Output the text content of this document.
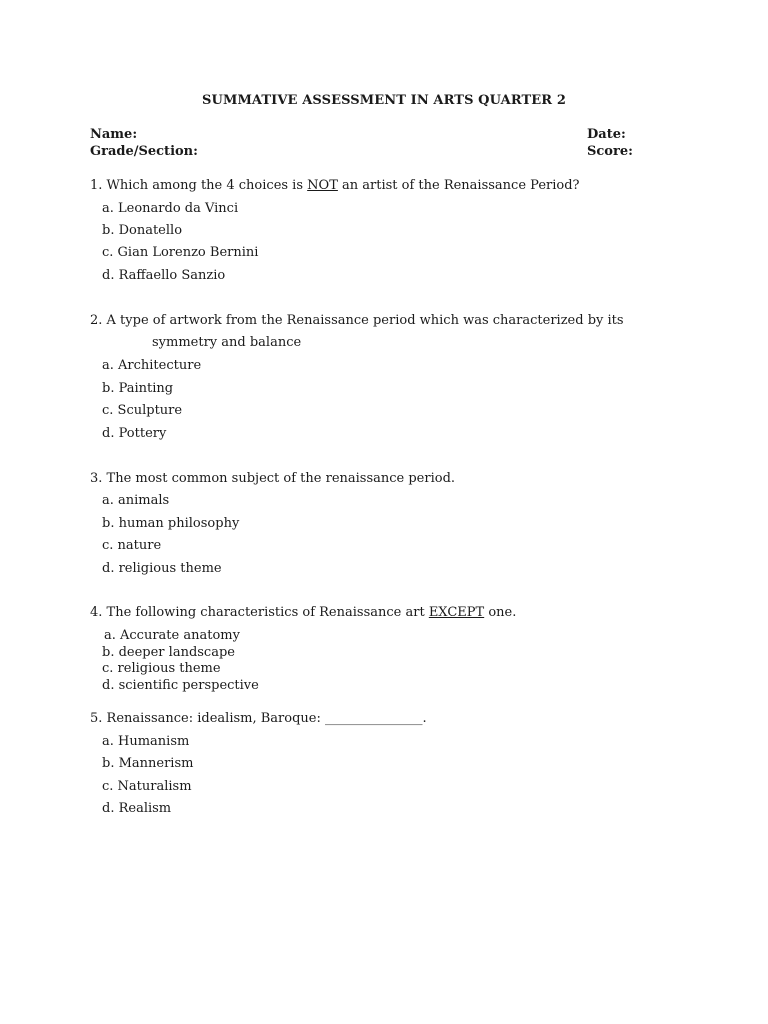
SUMMATIVE ASSESSMENT IN ARTS QUARTER 2
Name:	Date:
Grade/Section:	Score:
1. Which among the 4 choices is NOT an artist of the Renaissance Period?
a. Leonardo da Vinci
b. Donatello
c. Gian Lorenzo Bernini
d. Raffaello Sanzio
2. A type of artwork from the Renaissance period which was characterized by its
symmetry and balance
a. Architecture
b. Painting
c. Sculpture
d. Pottery
3. The most common subject of the renaissance period.
a. animals
b. human philosophy
c. nature
d. religious theme
4. The following characteristics of Renaissance art EXCEPT one.
a. Accurate anatomy
b. deeper landscape
c. religious theme
d. scientific perspective
5. Renaissance: idealism, Baroque: _______________.
a. Humanism
b. Mannerism
c. Naturalism
d. Realism
